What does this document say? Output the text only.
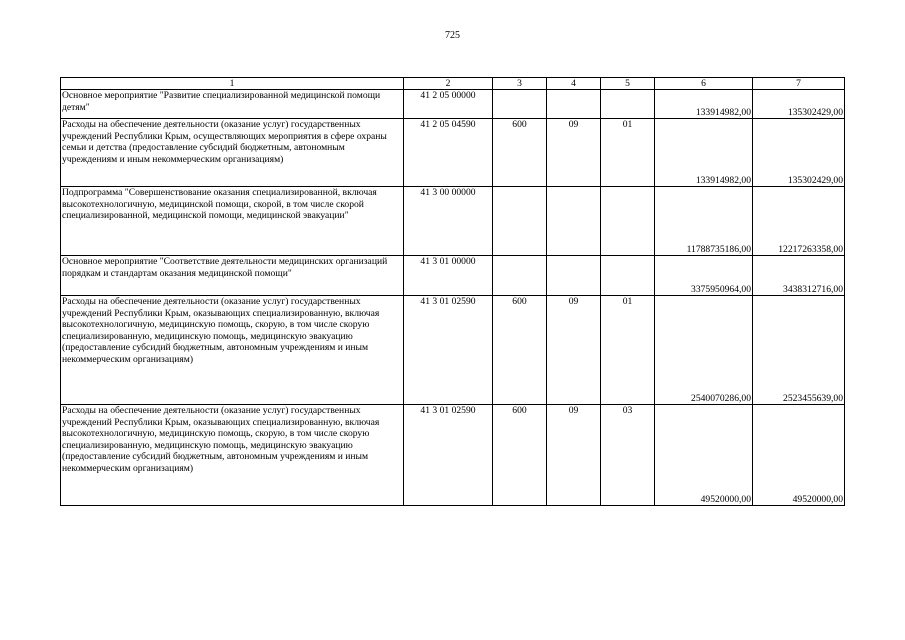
725
1	2	3	4	5	6	7
Основное мероприятие "Развитие специализированной медицинской помощи детям"	41 2 05 00000				133914982,00	135302429,00
Расходы на обеспечение деятельности (оказание услуг) государственных учреждений Республики Крым, осуществляющих мероприятия в сфере охраны семьи и детства (предоставление субсидий бюджетным, автономным учреждениям и иным некоммерческим организациям)	41 2 05 04590	600	09	01	133914982,00	135302429,00
Подпрограмма "Совершенствование оказания специализированной, включая высокотехнологичную, медицинской помощи, скорой, в том числе скорой специализированной, медицинской помощи, медицинской эвакуации"	41 3 00 00000				11788735186,00	12217263358,00
Основное мероприятие "Соответствие деятельности медицинских организаций порядкам и стандартам оказания медицинской помощи"	41 3 01 00000				3375950964,00	3438312716,00
Расходы на обеспечение деятельности (оказание услуг) государственных учреждений Республики Крым, оказывающих специализированную, включая высокотехнологичную, медицинскую помощь, скорую, в том числе скорую специализированную, медицинскую помощь, медицинскую эвакуацию (предоставление субсидий бюджетным, автономным учреждениям и иным некоммерческим организациям)	41 3 01 02590	600	09	01	2540070286,00	2523455639,00
Расходы на обеспечение деятельности (оказание услуг) государственных учреждений Республики Крым, оказывающих специализированную, включая высокотехнологичную, медицинскую помощь, скорую, в том числе скорую специализированную, медицинскую помощь, медицинскую эвакуацию (предоставление субсидий бюджетным, автономным учреждениям и иным некоммерческим организациям)	41 3 01 02590	600	09	03	49520000,00	49520000,00
